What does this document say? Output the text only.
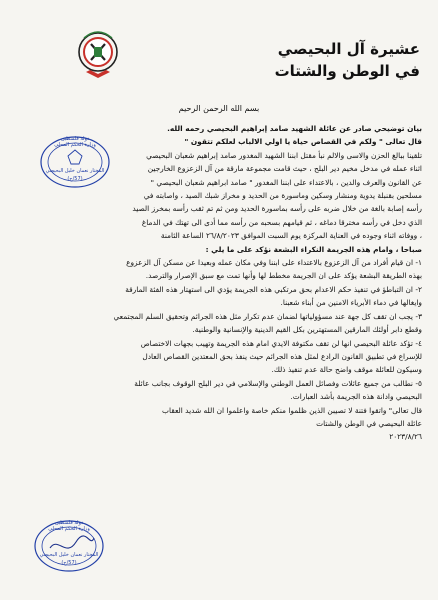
عشيرة آل البحيصي
في الوطن والشتات
بسم الله الرحمن الرحيم
دولة فلسطين
وزارة الحكم المحلي
المختار نعمان خليل البحيصي
(57/ح)
بيان توضيحي صادر عن عائلة الشهيد صامد إبراهيم البحيصي رحمه الله.
قال تعالى " ولكم في القصاص حياة يا اولي الالباب لعلكم تتقون "
تلقينا ببالغ الحزن والاسى والالم نبأ مقتل ابننا الشهيد المغدور صامد إبراهيم شعبان البحيصي
اثناء عمله في مدخل مخيم دير البلح ، حيث قامت مجموعة مارقة من آل الزعزوع الخارجين
عن القانون والعرف والدين ، بالاعتداء على ابننا المغدور " صامد ابراهيم شعبان البحيصي "
مسلحين بقنبلة يدوية ومنشار وسكين وماسورة من الحديد و مخراز شبك الصيد ، واصابته في
رأسه إصابة بالغة من خلال ضربه على رأسه بماسورة الحديد ومن ثم تم ثقب رأسه بمخرز الصيد
الذي دخل في رأسه مخترقا دماغه ، ثم قيامهم بسحبه من رأسه مما أدى الى تهتك في الدماغ
، ووفاته اثناء وجوده في العناية المركزة يوم السبت الموافق ٢٦/٨/٢٠٢٣ الساعة الثامنة
صباحا ، وامام هذه الجريمة النكراء البشعة نؤكد على ما يلي :
١- ان قيام أفراد من آل الزعزوع بالاعتداء على ابننا وفي مكان عمله وبعيدا عن مسكن آل الزعزوع
بهذه الطريقة البشعة يؤكد على ان الجريمة مخطط لها وأنها تمت مع سبق الإصرار والترصد.
٢- ان التباطؤ في تنفيذ حكم الاعدام بحق مرتكبي هذه الجريمة يؤدي الى استهتار هذه الفئة المارقة
وايغالها في دماء الأبرياء الامنين من أبناء شعبنا.
٣- يجب ان تقف كل جهة عند مسؤولياتها لضمان عدم تكرار مثل هذه الجرائم وتحقيق السلم المجتمعي
وقطع دابر أولئك المارقين المستهترين بكل القيم الدينية والإنسانية والوطنية.
٤- تؤكد عائلة البحيصي انها لن تقف مكتوفة الايدي امام هذه الجريمة وتهيب بجهات الاختصاص
للإسراع في تطبيق القانون الرادع لمثل هذه الجرائم حيث ينفذ بحق المعتدين القصاص العادل
وسيكون للعائلة موقف واضح حالة عدم تنفيذ ذلك.
٥- نطالب من جميع عائلات وفصائل العمل الوطني والإسلامي في دير البلح الوقوف بجانب عائلة
البحيصي وادانة هذه الجريمة بأشد العبارات.
قال تعالى" واتقوا فتنة لا تصيبن الذين ظلموا منكم خاصة واعلموا ان الله شديد العقاب
عائلة البحيصي في الوطن والشتات
٢٠٢٣/٨/٢٦
دولة فلسطين
وزارة الحكم المحلي
المختار نعمان خليل البحيصي
(57/ح)
